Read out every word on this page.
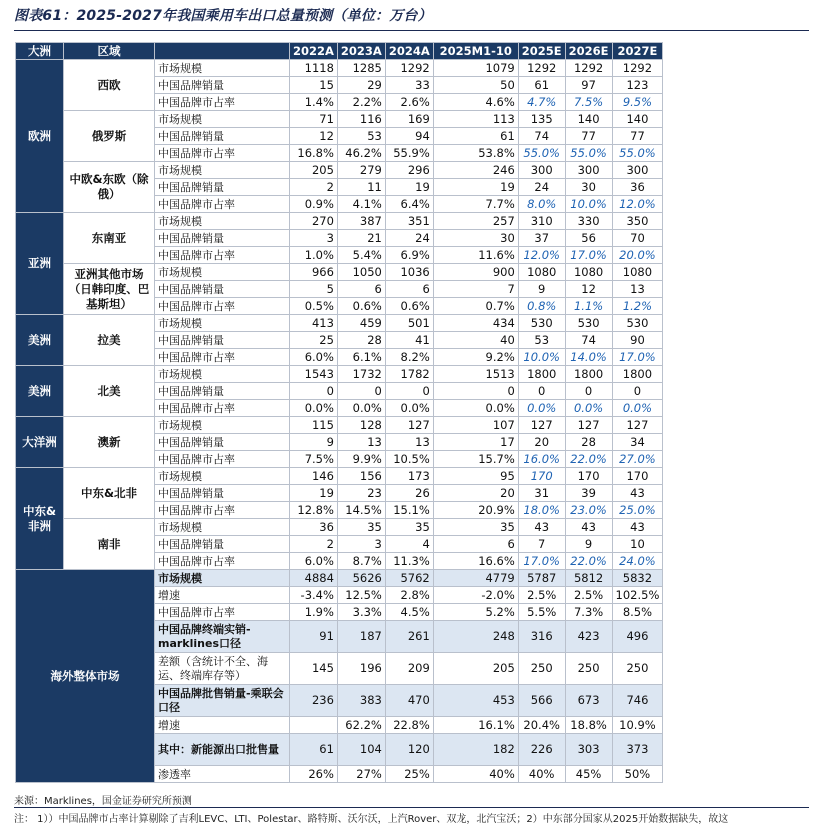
图表61：2025-2027年我国乘用车出口总量预测（单位：万台）
大洲	区域		2022A	2023A	2024A	2025M1-10	2025E	2026E	2027E
欧洲	西欧	市场规模	1118	1285	1292	1079	1292	1292	1292
		中国品牌销量	15	29	33	50	61	97	123
		中国品牌市占率	1.4%	2.2%	2.6%	4.6%	4.7%	7.5%	9.5%
	俄罗斯	市场规模	71	116	169	113	135	140	140
		中国品牌销量	12	53	94	61	74	77	77
		中国品牌市占率	16.8%	46.2%	55.9%	53.8%	55.0%	55.0%	55.0%
	中欧&东欧（除俄）	市场规模	205	279	296	246	300	300	300
		中国品牌销量	2	11	19	19	24	30	36
		中国品牌市占率	0.9%	4.1%	6.4%	7.7%	8.0%	10.0%	12.0%
亚洲	东南亚	市场规模	270	387	351	257	310	330	350
		中国品牌销量	3	21	24	30	37	56	70
		中国品牌市占率	1.0%	5.4%	6.9%	11.6%	12.0%	17.0%	20.0%
	亚洲其他市场（日韩印度、巴基斯坦）	市场规模	966	1050	1036	900	1080	1080	1080
		中国品牌销量	5	6	6	7	9	12	13
		中国品牌市占率	0.5%	0.6%	0.6%	0.7%	0.8%	1.1%	1.2%
美洲	拉美	市场规模	413	459	501	434	530	530	530
		中国品牌销量	25	28	41	40	53	74	90
		中国品牌市占率	6.0%	6.1%	8.2%	9.2%	10.0%	14.0%	17.0%
美洲	北美	市场规模	1543	1732	1782	1513	1800	1800	1800
		中国品牌销量	0	0	0	0	0	0	0
		中国品牌市占率	0.0%	0.0%	0.0%	0.0%	0.0%	0.0%	0.0%
大洋洲	澳新	市场规模	115	128	127	107	127	127	127
		中国品牌销量	9	13	13	17	20	28	34
		中国品牌市占率	7.5%	9.9%	10.5%	15.7%	16.0%	22.0%	27.0%
中东&非洲	中东&北非	市场规模	146	156	173	95	170	170	170
		中国品牌销量	19	23	26	20	31	39	43
		中国品牌市占率	12.8%	14.5%	15.1%	20.9%	18.0%	23.0%	25.0%
	南非	市场规模	36	35	35	35	43	43	43
		中国品牌销量	2	3	4	6	7	9	10
		中国品牌市占率	6.0%	8.7%	11.3%	16.6%	17.0%	22.0%	24.0%
海外整体市场		市场规模	4884	5626	5762	4779	5787	5812	5832
		增速	-3.4%	12.5%	2.8%	-2.0%	2.5%	2.5%	102.5%
		中国品牌市占率	1.9%	3.3%	4.5%	5.2%	5.5%	7.3%	8.5%
		中国品牌终端实销-marklines口径	91	187	261	248	316	423	496
		差额（含统计不全、海运、终端库存等）	145	196	209	205	250	250	250
		中国品牌批售销量-乘联会口径	236	383	470	453	566	673	746
		增速		62.2%	22.8%	16.1%	20.4%	18.8%	10.9%
		其中：新能源出口批售量	61	104	120	182	226	303	373
		渗透率	26%	27%	25%	40%	40%	45%	50%
来源：Marklines，国金证券研究所预测
注： 1））中国品牌市占率计算剔除了吉利LEVC、LTI、Polestar、路特斯、沃尔沃，上汽Rover、双龙，北汽宝沃；2）中东部分国家从2025开始数据缺失，故这
